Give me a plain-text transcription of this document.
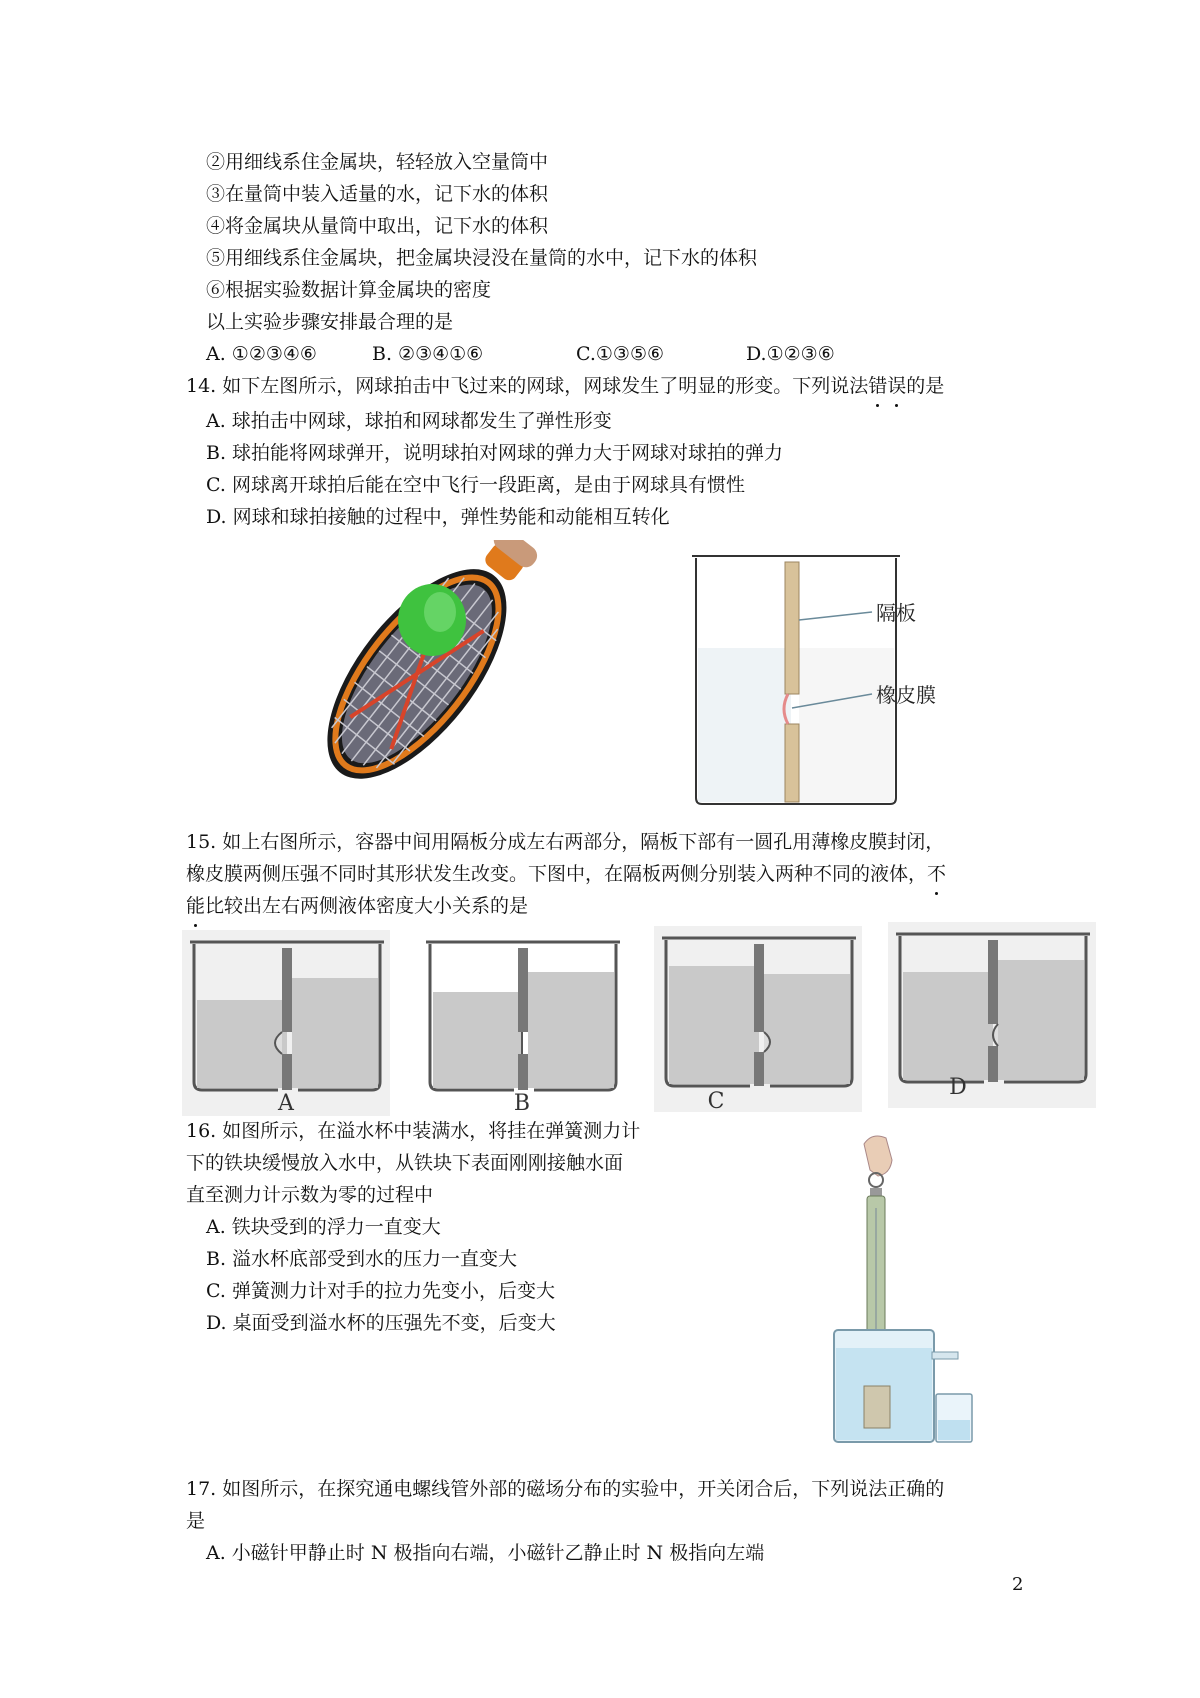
②用细线系住金属块，轻轻放入空量筒中
③在量筒中装入适量的水，记下水的体积
④将金属块从量筒中取出，记下水的体积
⑤用细线系住金属块，把金属块浸没在量筒的水中，记下水的体积
⑥根据实验数据计算金属块的密度
以上实验步骤安排最合理的是
A. ①②③④⑥	B. ②③④①⑥	C.①③⑤⑥	D.①②③⑥
14. 如下左图所示，网球拍击中飞过来的网球，网球发生了明显的形变。下列说法错误的是
A. 球拍击中网球，球拍和网球都发生了弹性形变
B. 球拍能将网球弹开，说明球拍对网球的弹力大于网球对球拍的弹力
C. 网球离开球拍后能在空中飞行一段距离，是由于网球具有惯性
D. 网球和球拍接触的过程中，弹性势能和动能相互转化
隔板
橡皮膜
15. 如上右图所示，容器中间用隔板分成左右两部分，隔板下部有一圆孔用薄橡皮膜封闭，
橡皮膜两侧压强不同时其形状发生改变。下图中，在隔板两侧分别装入两种不同的液体，不
能比较出左右两侧液体密度大小关系的是
A	B	C
D
16. 如图所示，在溢水杯中装满水，将挂在弹簧测力计
下的铁块缓慢放入水中，从铁块下表面刚刚接触水面
直至测力计示数为零的过程中
A. 铁块受到的浮力一直变大
B. 溢水杯底部受到水的压力一直变大
C. 弹簧测力计对手的拉力先变小，后变大
D. 桌面受到溢水杯的压强先不变，后变大
17. 如图所示，在探究通电螺线管外部的磁场分布的实验中，开关闭合后，下列说法正确的
是
A. 小磁针甲静止时 N 极指向右端，小磁针乙静止时 N 极指向左端
2
